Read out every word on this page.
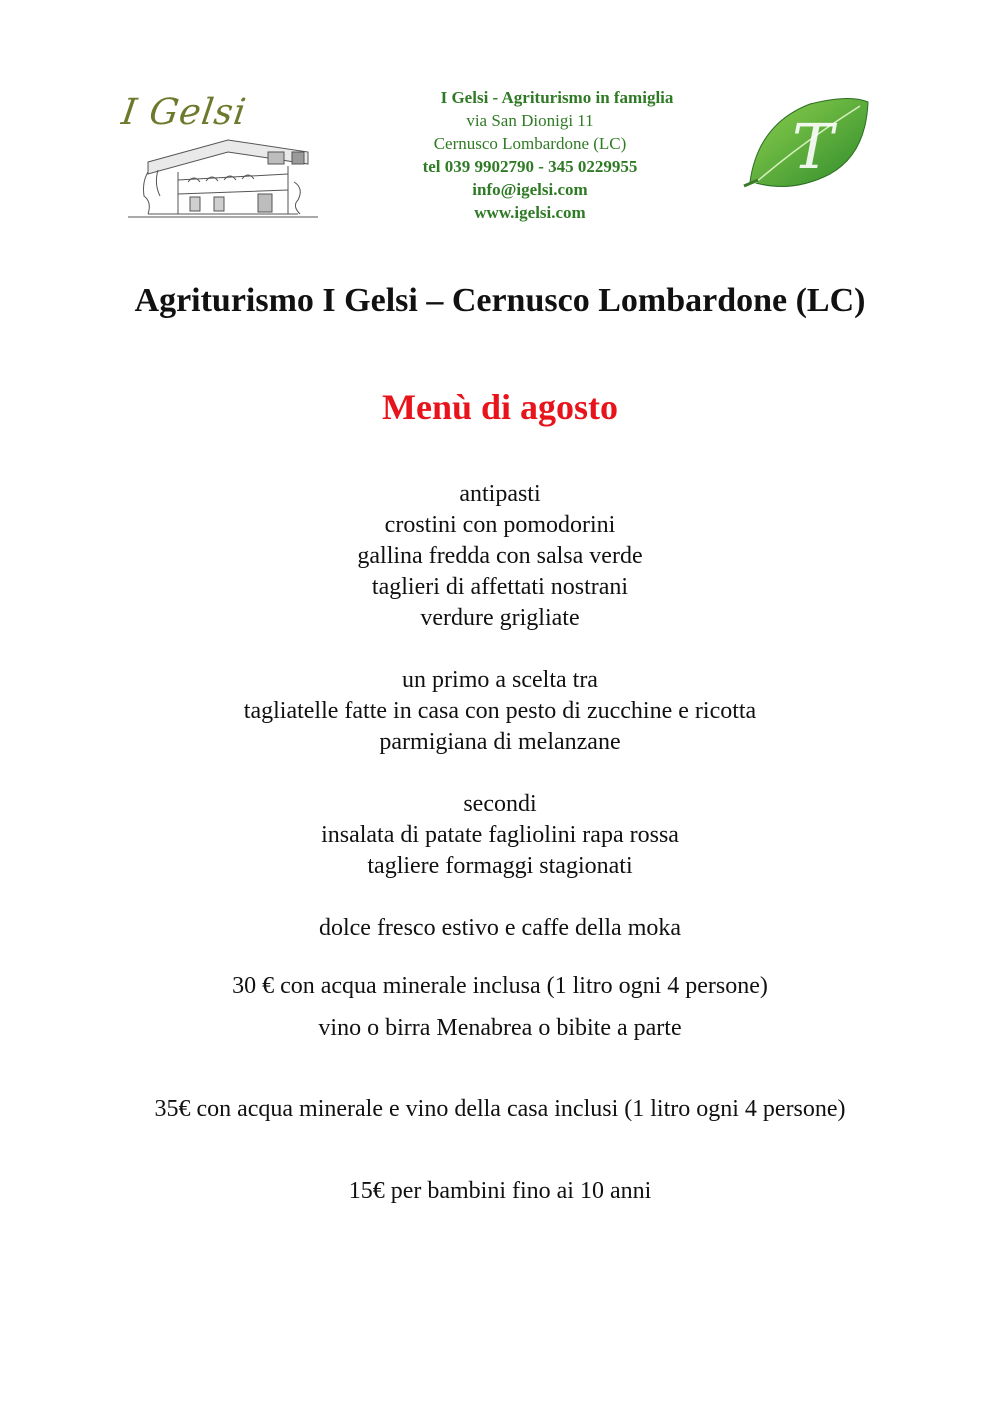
I Gelsi	I Gelsi - Agriturismo in famiglia
via San Dionigi 11
Cernusco Lombardone (LC)
tel 039 9902790 - 345 0229955
info@igelsi.com
www.igelsi.com
T
Agriturismo I Gelsi – Cernusco Lombardone (LC)
Menù di agosto
antipasti
crostini con pomodorini
gallina fredda con salsa verde
taglieri di affettati nostrani
verdure grigliate
un primo a scelta tra
tagliatelle fatte in casa con pesto di zucchine e ricotta
parmigiana di melanzane
secondi
insalata di patate fagliolini rapa rossa
tagliere formaggi stagionati
dolce fresco estivo e caffe della moka
30 € con acqua minerale inclusa (1 litro ogni 4 persone)
vino o birra Menabrea o bibite a parte
35€ con acqua minerale e vino della casa inclusi (1 litro ogni 4 persone)
15€ per bambini fino ai 10 anni
